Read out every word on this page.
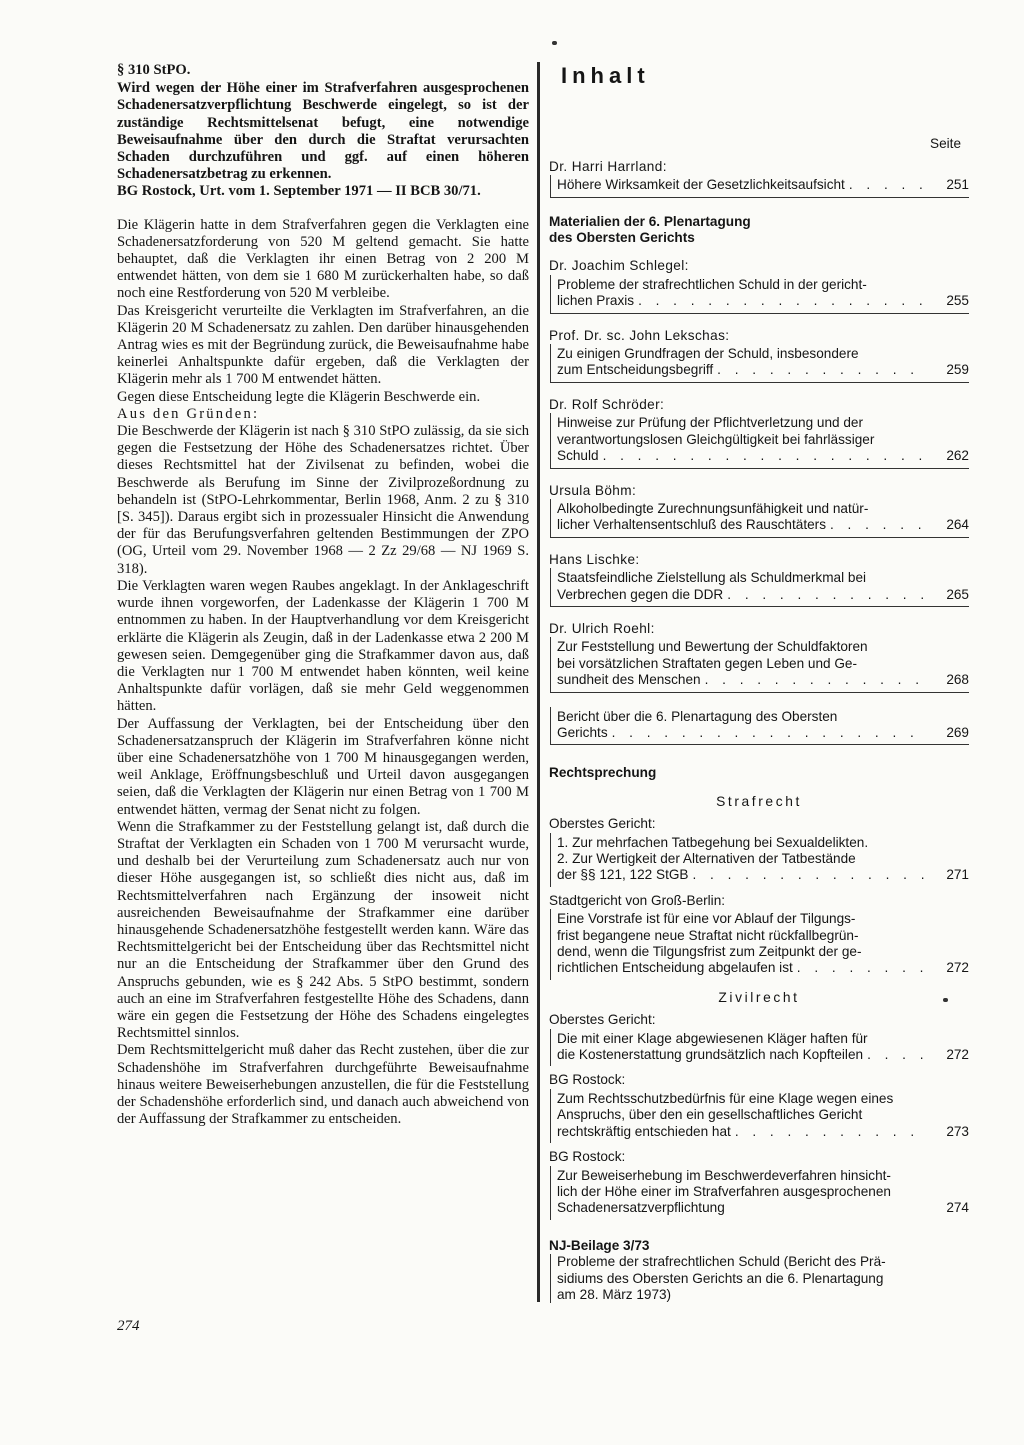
§ 310 StPO.

Wird wegen der Höhe einer im Strafverfahren ausgesprochenen Schadenersatzverpflichtung Beschwerde eingelegt, so ist der zuständige Rechtsmittelsenat befugt, eine notwendige Beweisaufnahme über den durch die Straftat verursachten Schaden durchzuführen und ggf. auf einen höheren Schadenersatzbetrag zu erkennen.

BG Rostock, Urt. vom 1. September 1971 — II BCB 30/71.

Die Klägerin hatte in dem Strafverfahren gegen die Verklagten eine Schadenersatzforderung von 520 M geltend gemacht. Sie hatte behauptet, daß die Verklagten ihr einen Betrag von 2 200 M entwendet hätten, von dem sie 1 680 M zurückerhalten habe, so daß noch eine Restforderung von 520 M verbleibe.

Das Kreisgericht verurteilte die Verklagten im Strafverfahren, an die Klägerin 20 M Schadenersatz zu zahlen. Den darüber hinausgehenden Antrag wies es mit der Begründung zurück, die Beweisaufnahme habe keinerlei Anhaltspunkte dafür ergeben, daß die Verklagten der Klägerin mehr als 1 700 M entwendet hätten.

Gegen diese Entscheidung legte die Klägerin Beschwerde ein.

Aus den Gründen:

Die Beschwerde der Klägerin ist nach § 310 StPO zulässig, da sie sich gegen die Festsetzung der Höhe des Schadenersatzes richtet. Über dieses Rechtsmittel hat der Zivilsenat zu befinden, wobei die Beschwerde als Berufung im Sinne der Zivilprozeßordnung zu behandeln ist (StPO-Lehrkommentar, Berlin 1968, Anm. 2 zu § 310 [S. 345]). Daraus ergibt sich in prozessualer Hinsicht die Anwendung der für das Berufungsverfahren geltenden Bestimmungen der ZPO (OG, Urteil vom 29. November 1968 — 2 Zz 29/68 — NJ 1969 S. 318).

Die Verklagten waren wegen Raubes angeklagt. In der Anklageschrift wurde ihnen vorgeworfen, der Ladenkasse der Klägerin 1 700 M entnommen zu haben. In der Hauptverhandlung vor dem Kreisgericht erklärte die Klägerin als Zeugin, daß in der Ladenkasse etwa 2 200 M gewesen seien. Demgegenüber ging die Strafkammer davon aus, daß die Verklagten nur 1 700 M entwendet haben könnten, weil keine Anhaltspunkte dafür vorlägen, daß sie mehr Geld weggenommen hätten.

Der Auffassung der Verklagten, bei der Entscheidung über den Schadenersatzanspruch der Klägerin im Strafverfahren könne nicht über eine Schadenersatzhöhe von 1 700 M hinausgegangen werden, weil Anklage, Eröffnungsbeschluß und Urteil davon ausgegangen seien, daß die Verklagten der Klägerin nur einen Betrag von 1 700 M entwendet hätten, vermag der Senat nicht zu folgen.

Wenn die Strafkammer zu der Feststellung gelangt ist, daß durch die Straftat der Verklagten ein Schaden von 1 700 M verursacht wurde, und deshalb bei der Verurteilung zum Schadenersatz auch nur von dieser Höhe ausgegangen ist, so schließt dies nicht aus, daß im Rechtsmittelverfahren nach Ergänzung der insoweit nicht ausreichenden Beweisaufnahme der Strafkammer eine darüber hinausgehende Schadenersatzhöhe festgestellt werden kann. Wäre das Rechtsmittelgericht bei der Entscheidung über das Rechtsmittel nicht nur an die Entscheidung der Strafkammer über den Grund des Anspruchs gebunden, wie es § 242 Abs. 5 StPO bestimmt, sondern auch an eine im Strafverfahren festgestellte Höhe des Schadens, dann wäre ein gegen die Festsetzung der Höhe des Schadens eingelegtes Rechtsmittel sinnlos.

Dem Rechtsmittelgericht muß daher das Recht zustehen, über die zur Schadenshöhe im Strafverfahren durchgeführte Beweisaufnahme hinaus weitere Beweiserhebungen anzustellen, die für die Feststellung der Schadenshöhe erforderlich sind, und danach auch abweichend von der Auffassung der Strafkammer zu entscheiden.

274
Inhalt
Seite
Dr. Harri Harrland:
Höhere Wirksamkeit der Gesetzlichkeitsaufsicht . . .	251
Materialien der 6. Plenartagung
des Obersten Gerichts
Dr. Joachim Schlegel:
Probleme der strafrechtlichen Schuld in der gericht-
lichen Praxis . . .	255
Prof. Dr. sc. John Lekschas:
Zu einigen Grundfragen der Schuld, insbesondere
zum Entscheidungsbegriff . . .	259
Dr. Rolf Schröder:
Hinweise zur Prüfung der Pflichtverletzung und der
verantwortungslosen Gleichgültigkeit bei fahrlässiger
Schuld . . .	262
Ursula Böhm:
Alkoholbedingte Zurechnungsunfähigkeit und natür-
licher Verhaltensentschluß des Rauschtäters . . .	264
Hans Lischke:
Staatsfeindliche Zielstellung als Schuldmerkmal bei
Verbrechen gegen die DDR . . .	265
Dr. Ulrich Roehl:
Zur Feststellung und Bewertung der Schuldfaktoren
bei vorsätzlichen Straftaten gegen Leben und Ge-
sundheit des Menschen . . .	268
Bericht über die 6. Plenartagung des Obersten
Gerichts . . .	269
Rechtsprechung
Strafrecht
Oberstes Gericht:
1. Zur mehrfachen Tatbegehung bei Sexualdelikten.
2. Zur Wertigkeit der Alternativen der Tatbestände
der §§ 121, 122 StGB . . .	271
Stadtgericht von Groß-Berlin:
Eine Vorstrafe ist für eine vor Ablauf der Tilgungs-
frist begangene neue Straftat nicht rückfallbegrün-
dend, wenn die Tilgungsfrist zum Zeitpunkt der ge-
richtlichen Entscheidung abgelaufen ist . . .	272
Zivilrecht
Oberstes Gericht:
Die mit einer Klage abgewiesenen Kläger haften für
die Kostenerstattung grundsätzlich nach Kopfteilen . . .	272
BG Rostock:
Zum Rechtsschutzbedürfnis für eine Klage wegen eines
Anspruchs, über den ein gesellschaftliches Gericht
rechtskräftig entschieden hat . . .	273
BG Rostock:
Zur Beweiserhebung im Beschwerdeverfahren hinsicht-
lich der Höhe einer im Strafverfahren ausgesprochenen
Schadenersatzverpflichtung	274
NJ-Beilage 3/73
Probleme der strafrechtlichen Schuld (Bericht des Prä-
sidiums des Obersten Gerichts an die 6. Plenartagung
am 28. März 1973)
